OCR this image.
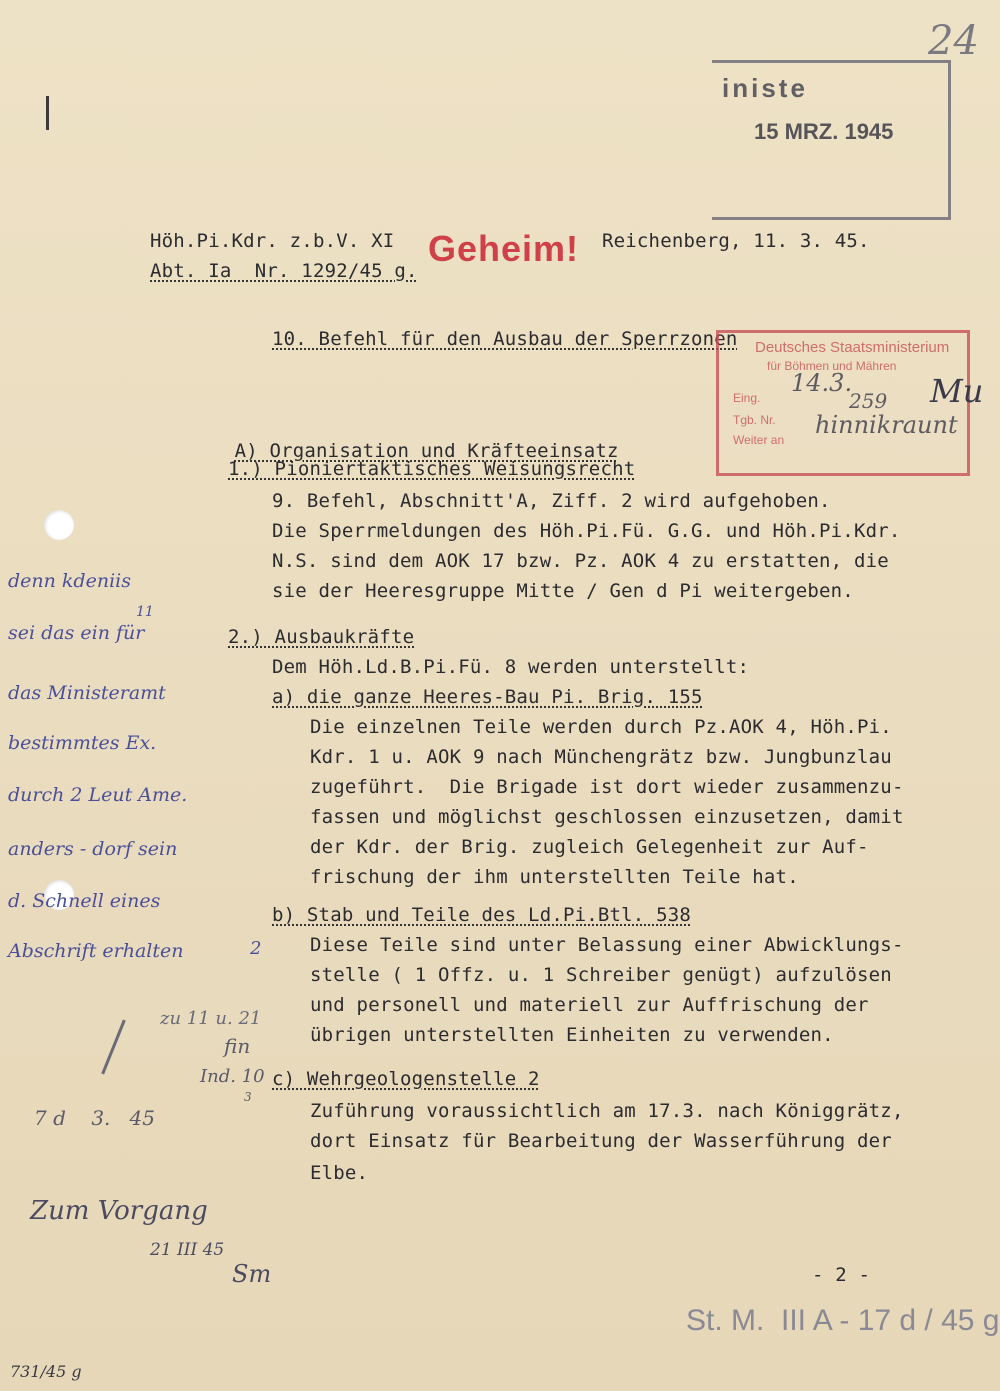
24
iniste
15 MRZ. 1945
Höh.Pi.Kdr. z.b.V. XI Geheim! Reichenberg, 11. 3. 45.
Abt. Ia  Nr. 1292/45 g.
10. Befehl für den Ausbau der Sperrzonen Deutsches Staatsministerium
für Böhmen und Mähren
Eing.
14.3.
Tgb. Nr.
259
Weiter an
hinnikraunt
Mu

A) Organisation und Kräfteeinsatz

1.) Pioniertaktisches Weisungsrecht
9. Befehl, Abschnitt'A, Ziff. 2 wird aufgehoben.
Die Sperrmeldungen des Höh.Pi.Fü. G.G. und Höh.Pi.Kdr.
N.S. sind dem AOK 17 bzw. Pz. AOK 4 zu erstatten, die
sie der Heeresgruppe Mitte / Gen d Pi weitergeben.
2.) Ausbaukräfte
Dem Höh.Ld.B.Pi.Fü. 8 werden unterstellt:
a) die ganze Heeres-Bau Pi. Brig. 155
Die einzelnen Teile werden durch Pz.AOK 4, Höh.Pi.
Kdr. 1 u. AOK 9 nach Münchengrätz bzw. Jungbunzlau
zugeführt.  Die Brigade ist dort wieder zusammenzu-
fassen und möglichst geschlossen einzusetzen, damit
der Kdr. der Brig. zugleich Gelegenheit zur Auf-
frischung der ihm unterstellten Teile hat.
b) Stab und Teile des Ld.Pi.Btl. 538
Diese Teile sind unter Belassung einer Abwicklungs-
stelle ( 1 Offz. u. 1 Schreiber genügt) aufzulösen
und personell und materiell zur Auffrischung der
übrigen unterstellten Einheiten zu verwenden.
c) Wehrgeologenstelle 2
Zuführung voraussichtlich am 17.3. nach Königgrätz,
dort Einsatz für Bearbeitung der Wasserführung der
Elbe.
- 2 -
denn kdeniis
11
sei das ein für
das Ministeramt
bestimmtes Ex.
durch 2 Leut Ame.
anders - dorf sein
d. Schnell eines
Abschrift erhalten	2
zu 11 u. 21
fin
Ind. 10
3
7 d    3.   45
Zum Vorgang
21 III 45
Sm
St. M.  III A - 17 d / 45 g
731/45 g
